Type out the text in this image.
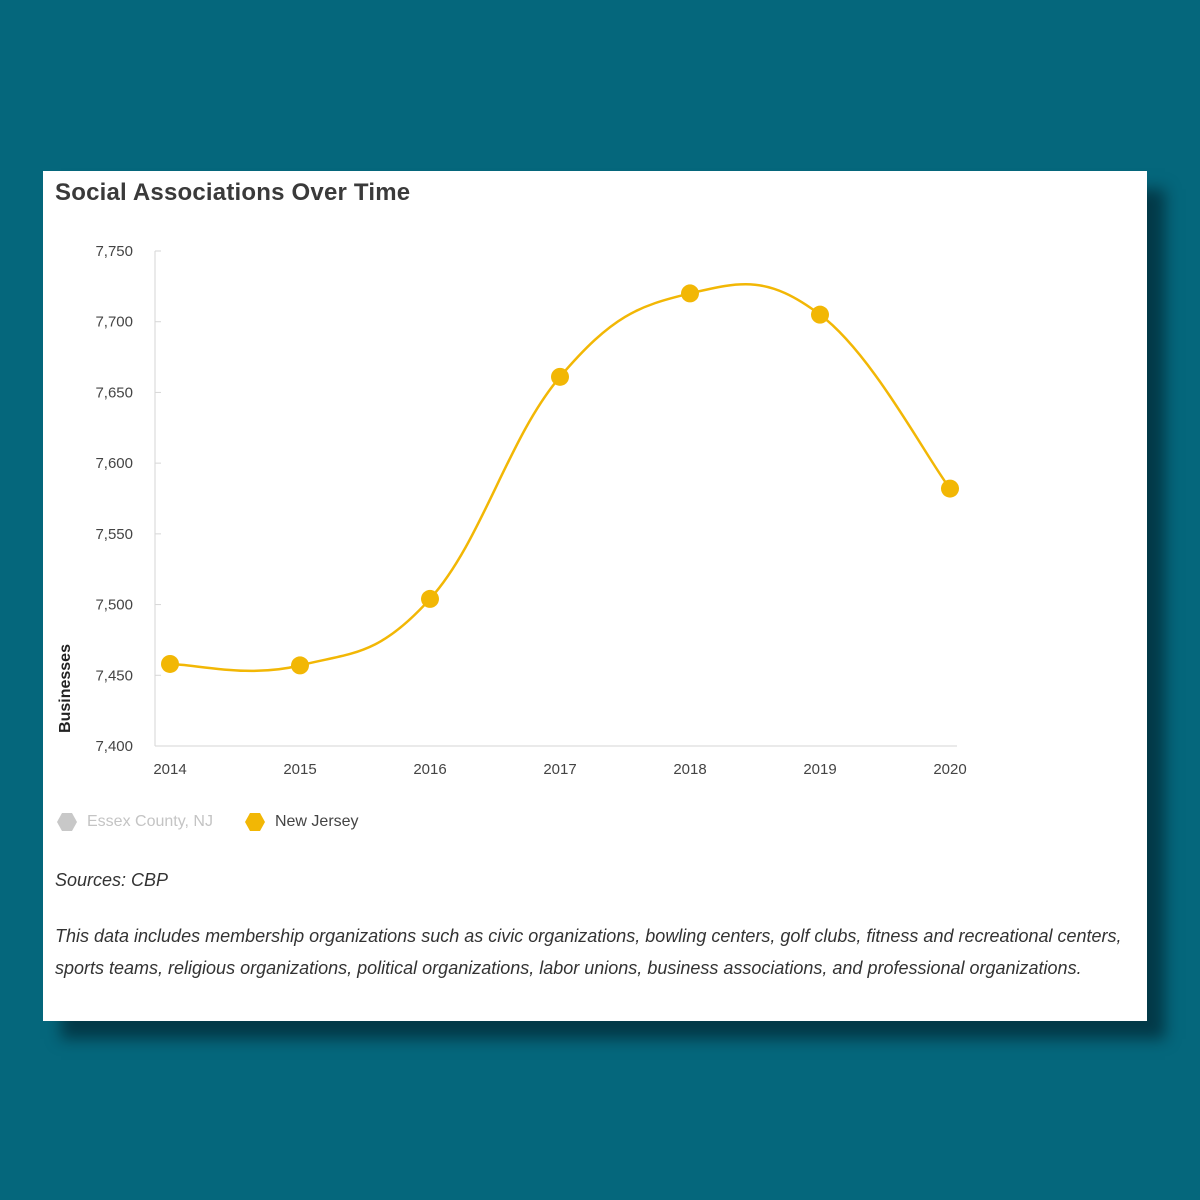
Social Associations Over Time
7,400
7,450
7,500
7,550
7,600
7,650
7,700
7,750
2014	2015	2016	2017	2018	2019	2020
Businesses
Essex County, NJ	New Jersey
Sources: CBP
This data includes membership organizations such as civic organizations, bowling centers, golf clubs, fitness and recreational centers, sports teams, religious organizations, political organizations, labor unions, business associations, and professional organizations.
